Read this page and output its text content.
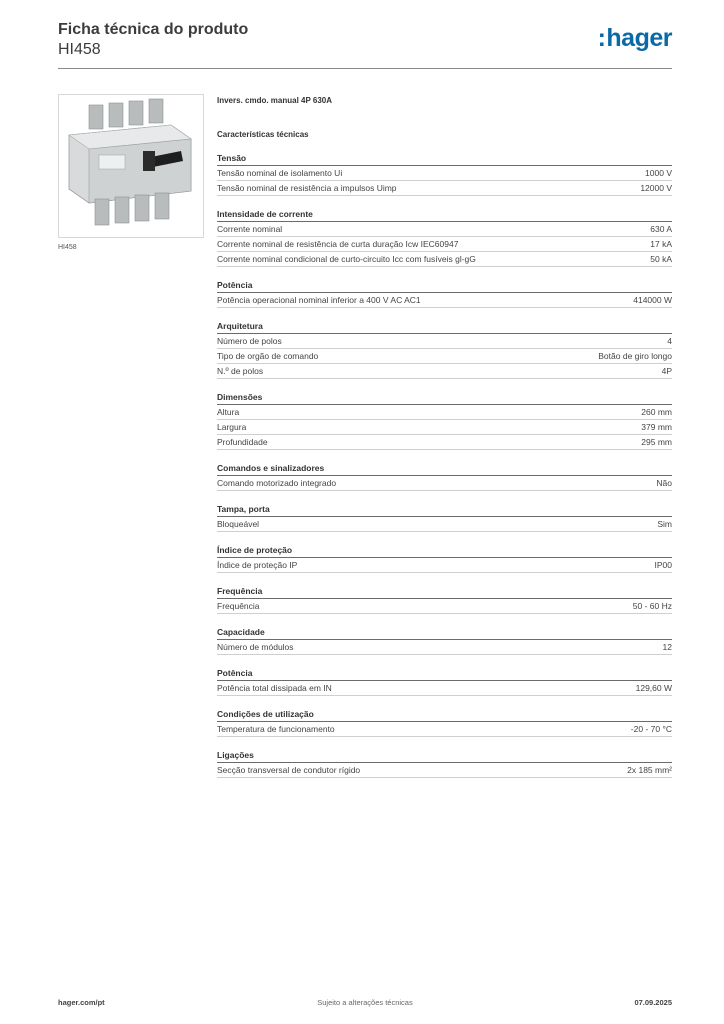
Ficha técnica do produto
HI458	:hager
HI458
Invers. cmdo. manual 4P 630A
Características técnicas
Tensão
Tensão nominal de isolamento Ui	1000 V
Tensão nominal de resistência a impulsos Uimp	12000 V
Intensidade de corrente
Corrente nominal	630 A
Corrente nominal de resistência de curta duração Icw IEC60947	17 kA
Corrente nominal condicional de curto-circuito Icc com fusíveis gl-gG	50 kA
Potência
Potência operacional nominal inferior a 400 V AC AC1	414000 W
Arquitetura
Número de polos	4
Tipo de orgão de comando	Botão de giro longo
N.º de polos	4P
Dimensões
Altura	260 mm
Largura	379 mm
Profundidade	295 mm
Comandos e sinalizadores
Comando motorizado integrado	Não
Tampa, porta
Bloqueável	Sim
Índice de proteção
Índice de proteção IP	IP00
Frequência
Frequência	50 - 60 Hz
Capacidade
Número de módulos	12
Potência
Potência total dissipada em IN	129,60 W
Condições de utilização
Temperatura de funcionamento	-20 - 70 °C
Ligações
Secção transversal de condutor rígido	2x 185 mm²
hager.com/pt	Sujeito a alterações técnicas	07.09.2025
